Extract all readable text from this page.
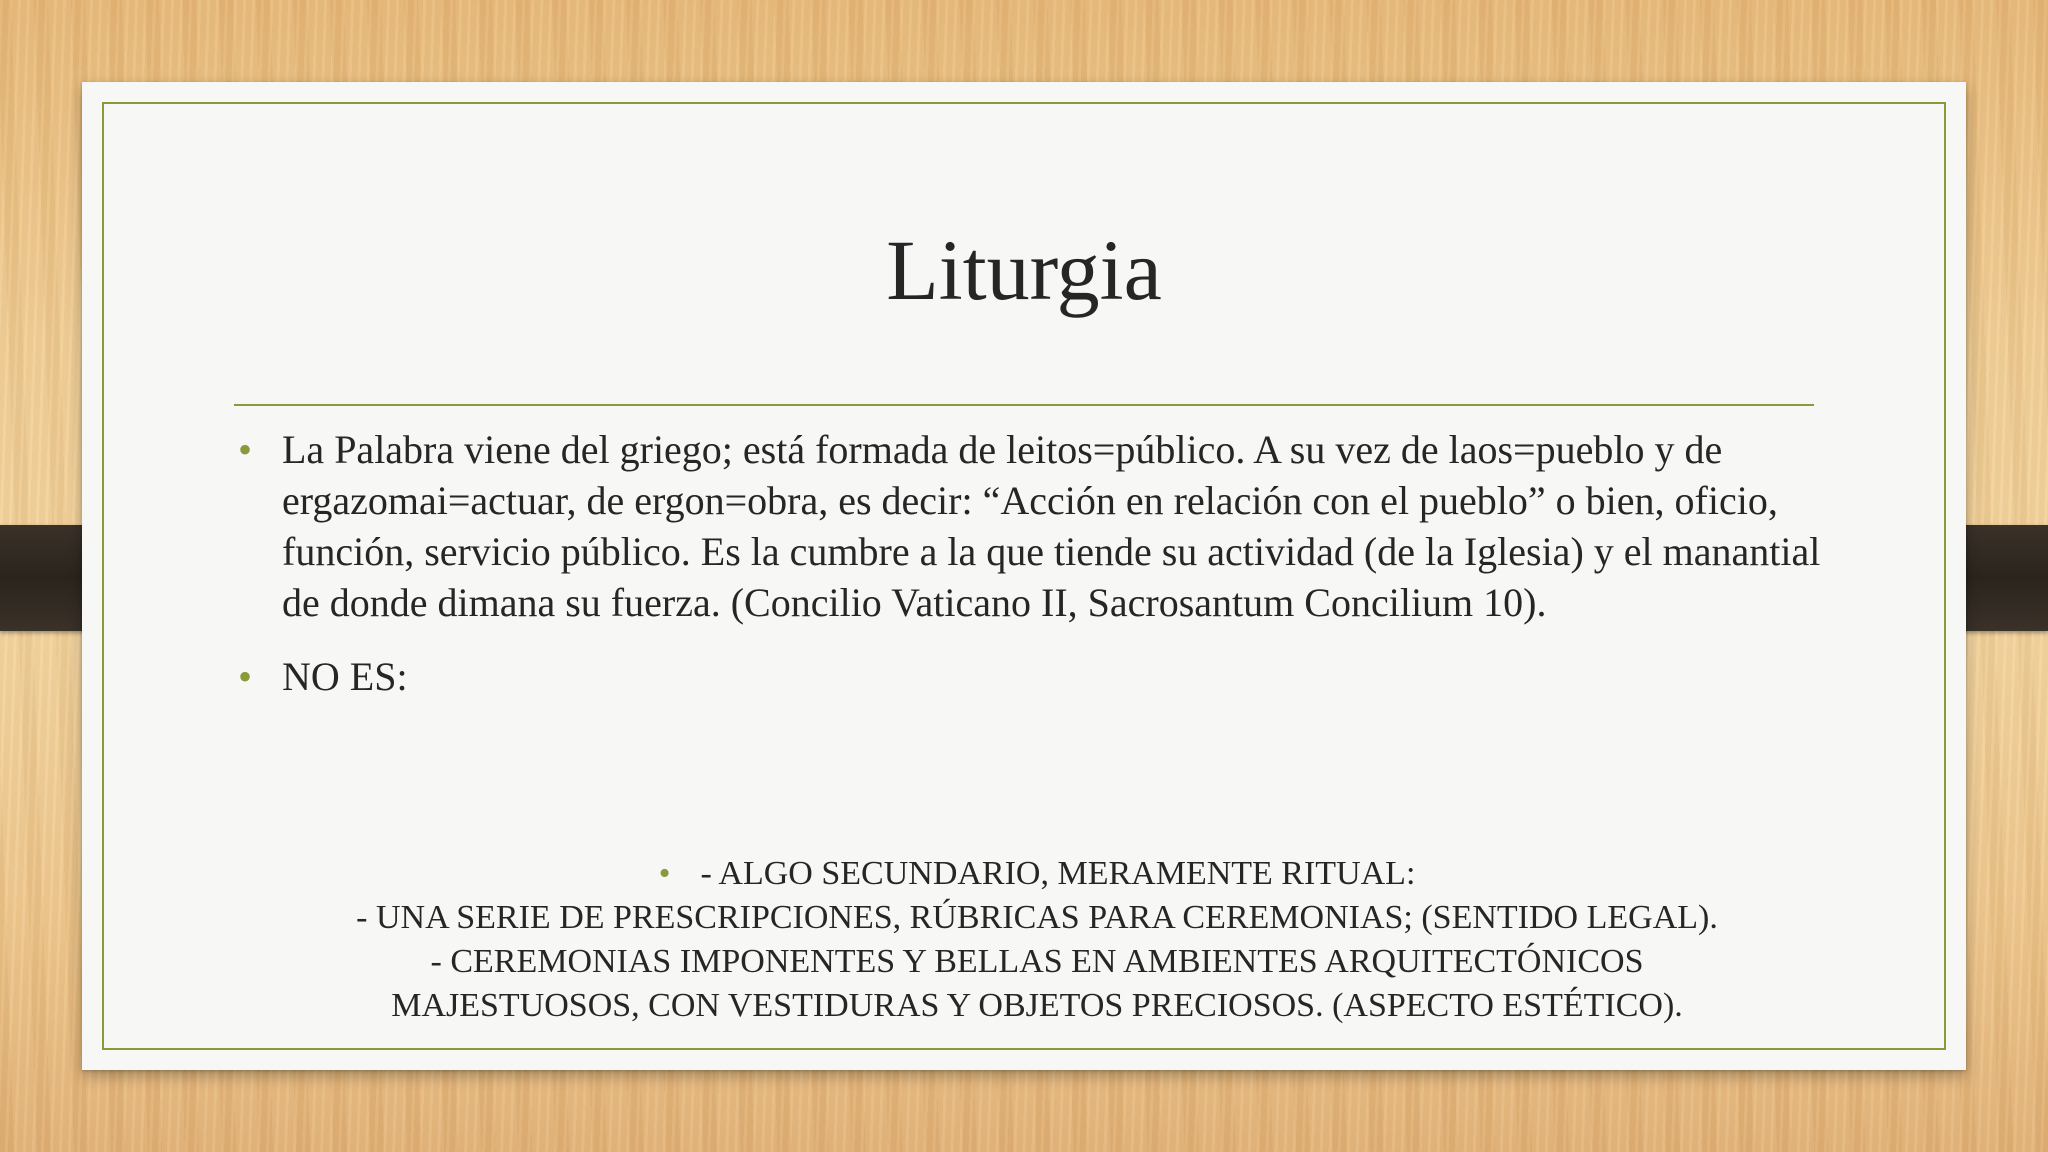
Liturgia
• La Palabra viene del griego; está formada de leitos=público. A su vez de laos=pueblo y de ergazomai=actuar, de ergon=obra, es decir: “Acción en relación con el pueblo” o bien, oficio, función, servicio público. Es la cumbre a la que tiende su actividad (de la Iglesia) y el manantial de donde dimana su fuerza. (Concilio Vaticano II, Sacrosantum Concilium 10).
• NO ES:
• - ALGO SECUNDARIO, MERAMENTE RITUAL:
- UNA SERIE DE PRESCRIPCIONES, RÚBRICAS PARA CEREMONIAS; (SENTIDO LEGAL).
- CEREMONIAS IMPONENTES Y BELLAS EN AMBIENTES ARQUITECTÓNICOS
MAJESTUOSOS, CON VESTIDURAS Y OBJETOS PRECIOSOS. (ASPECTO ESTÉTICO).
